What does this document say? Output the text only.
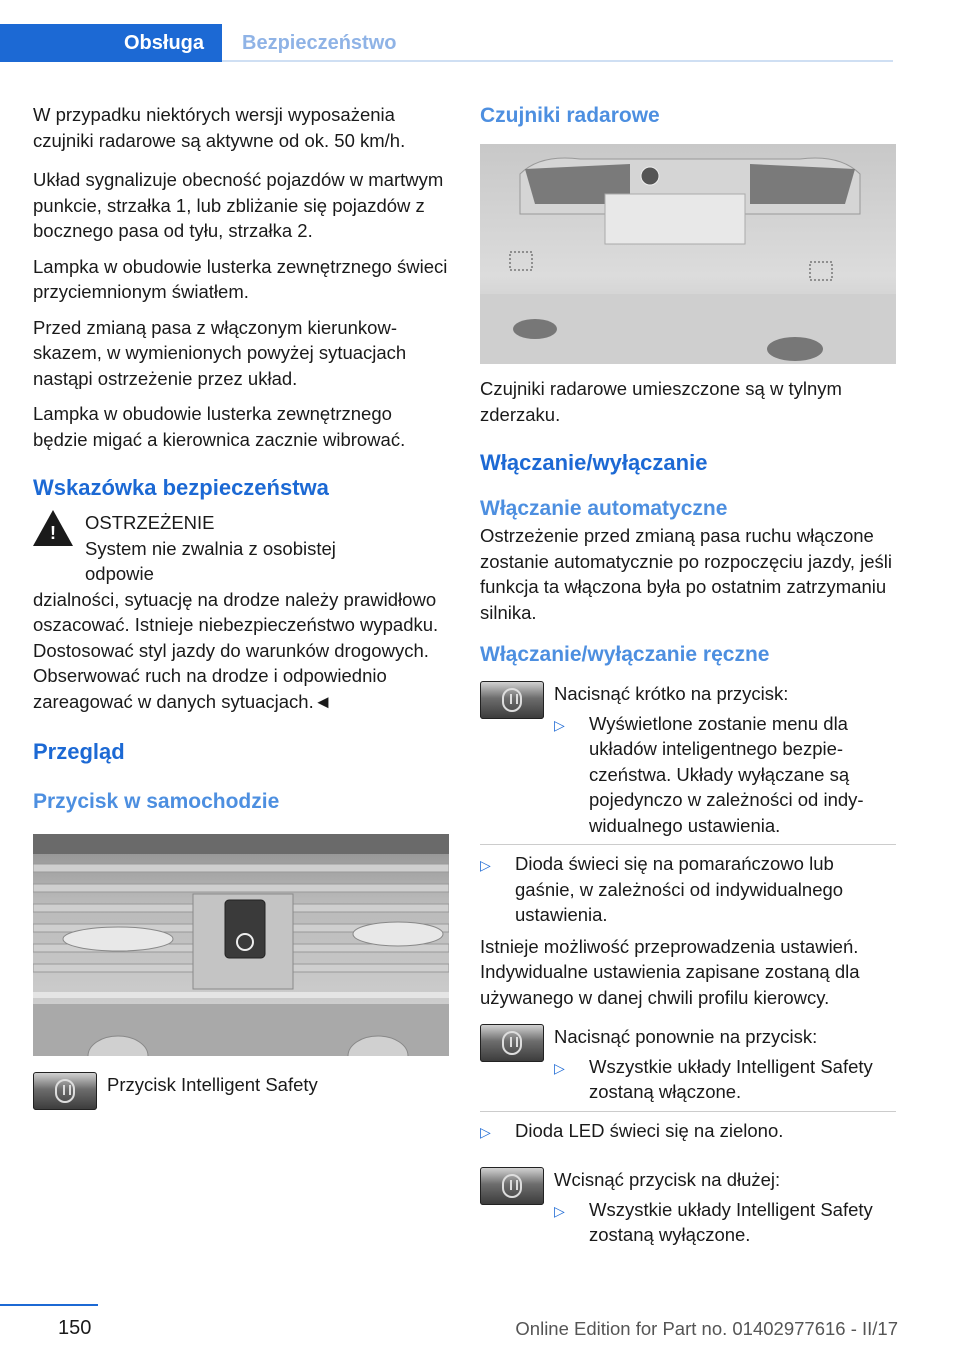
Obsługa	Bezpieczeństwo

W przypadku niektórych wersji wyposażenia czujniki radarowe są aktywne od ok. 50 km/h.

Układ sygnalizuje obecność pojazdów w martwym punkcie, strzałka 1, lub zbliżanie się pojazdów z bocznego pasa od tyłu, strzałka 2.

Lampka w obudowie lusterka zewnętrznego świeci przyciemnionym światłem.

Przed zmianą pasa z włączonym kierunkowskazem, w wymienionych powyżej sytuacjach nastąpi ostrzeżenie przez układ.

Lampka w obudowie lusterka zewnętrznego będzie migać a kierownica zacznie wibrować.

Wskazówka bezpieczeństwa
! OSTRZEŻENIE
System nie zwalnia z osobistej odpowie

dzialności, sytuację na drodze należy prawidłowo oszacować. Istnieje niebezpieczeństwo wypadku. Dostosować styl jazdy do warunków drogowych. Obserwować ruch na drodze i odpowiednio zareagować w danych sytuacjach.◄

Przegląd
Przycisk w samochodzie
Przycisk Intelligent Safety
Czujniki radarowe

Czujniki radarowe umieszczone są w tylnym zderzaku.

Włączanie/wyłączanie
Włączanie automatyczne

Ostrzeżenie przed zmianą pasa ruchu włączone zostanie automatycznie po rozpoczęciu jazdy, jeśli funkcja ta włączona była po ostatnim zatrzymaniu silnika.

Włączanie/wyłączanie ręczne
Nacisnąć krótko na przycisk:
▷	Wyświetlone zostanie menu dla układów inteligentnego bezpieczeństwa. Układy wyłączane są pojedynczo w zależności od indywidualnego ustawienia.
▷	Dioda świeci się na pomarańczowo lub gaśnie, w zależności od indywidualnego ustawienia.

Istnieje możliwość przeprowadzenia ustawień. Indywidualne ustawienia zapisane zostaną dla używanego w danej chwili profilu kierowcy.

Nacisnąć ponownie na przycisk:
▷	Wszystkie układy Intelligent Safety zostaną włączone.
▷	Dioda LED świeci się na zielono.
Wcisnąć przycisk na dłużej:
▷	Wszystkie układy Intelligent Safety zostaną wyłączone.
150	Online Edition for Part no. 01402977616 - II/17
